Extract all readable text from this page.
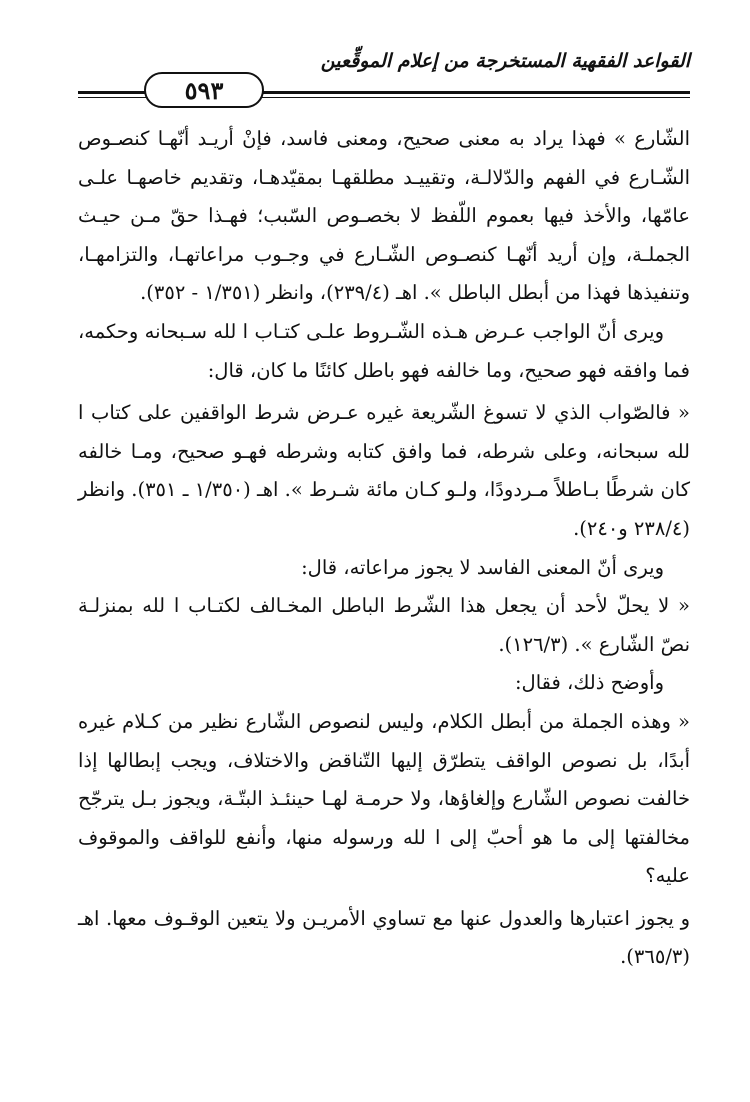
القواعد الفقهية المستخرجة من إعلام الموقِّعين
٥٩٣

الشّارع » فهذا يراد به معنى صحيح، ومعنى فاسد، فإنْ أريـد أنّهـا كنصـوص الشّـارع في الفهم والدّلالـة، وتقييـد مطلقهـا بمقيّدهـا، وتقديم خاصهـا علـى عامّها، والأخذ فيها بعموم اللّفظ لا بخصـوص السّبب؛ فهـذا حقّ مـن حيـث الجملـة، وإن أريد أنّهـا كنصـوص الشّـارع في وجـوب مراعاتهـا، والتزامهـا، وتنفيذها فهذا من أبطل الباطل ». اهـ (٢٣٩/٤)، وانظر (١/٣٥١ - ٣٥٢).

ويرى أنّ الواجب عـرض هـذه الشّـروط علـى كتـاب ا لله سـبحانه وحكمه، فما وافقه فهو صحيح، وما خالفه فهو باطل كائنًا ما كان، قال:

« فالصّواب الذي لا تسوغ الشّريعة غيره عـرض شرط الواقفين على كتاب ا لله سبحانه، وعلى شرطه، فما وافق كتابه وشرطه فهـو صحيح، ومـا خالفه كان شرطًا بـاطلاً مـردودًا، ولـو كـان مائة شـرط ». اهـ (١/٣٥٠ ـ ٣٥١). وانظر (٢٣٨/٤ و٢٤٠).

ويرى أنّ المعنى الفاسد لا يجوز مراعاته، قال:

« لا يحلّ لأحد أن يجعل هذا الشّرط الباطل المخـالف لكتـاب ا لله بمنزلـة نصّ الشّارع ». (١٢٦/٣).

وأوضح ذلك، فقال:

« وهذه الجملة من أبطل الكلام، وليس لنصوص الشّارع نظير من كـلام غيره أبدًا، بل نصوص الواقف يتطرّق إليها التّناقض والاختلاف، ويجب إبطالها إذا خالفت نصوص الشّارع وإلغاؤها، ولا حرمـة لهـا حينئـذ البتّـة، ويجوز بـل يترجّح مخالفتها إلى ما هو أحبّ إلى ا لله ورسوله منها، وأنفع للواقف والموقوف عليه؟

و يجوز اعتبارها والعدول عنها مع تساوي الأمريـن ولا يتعين الوقـوف معها. اهـ (٣٦٥/٣).
